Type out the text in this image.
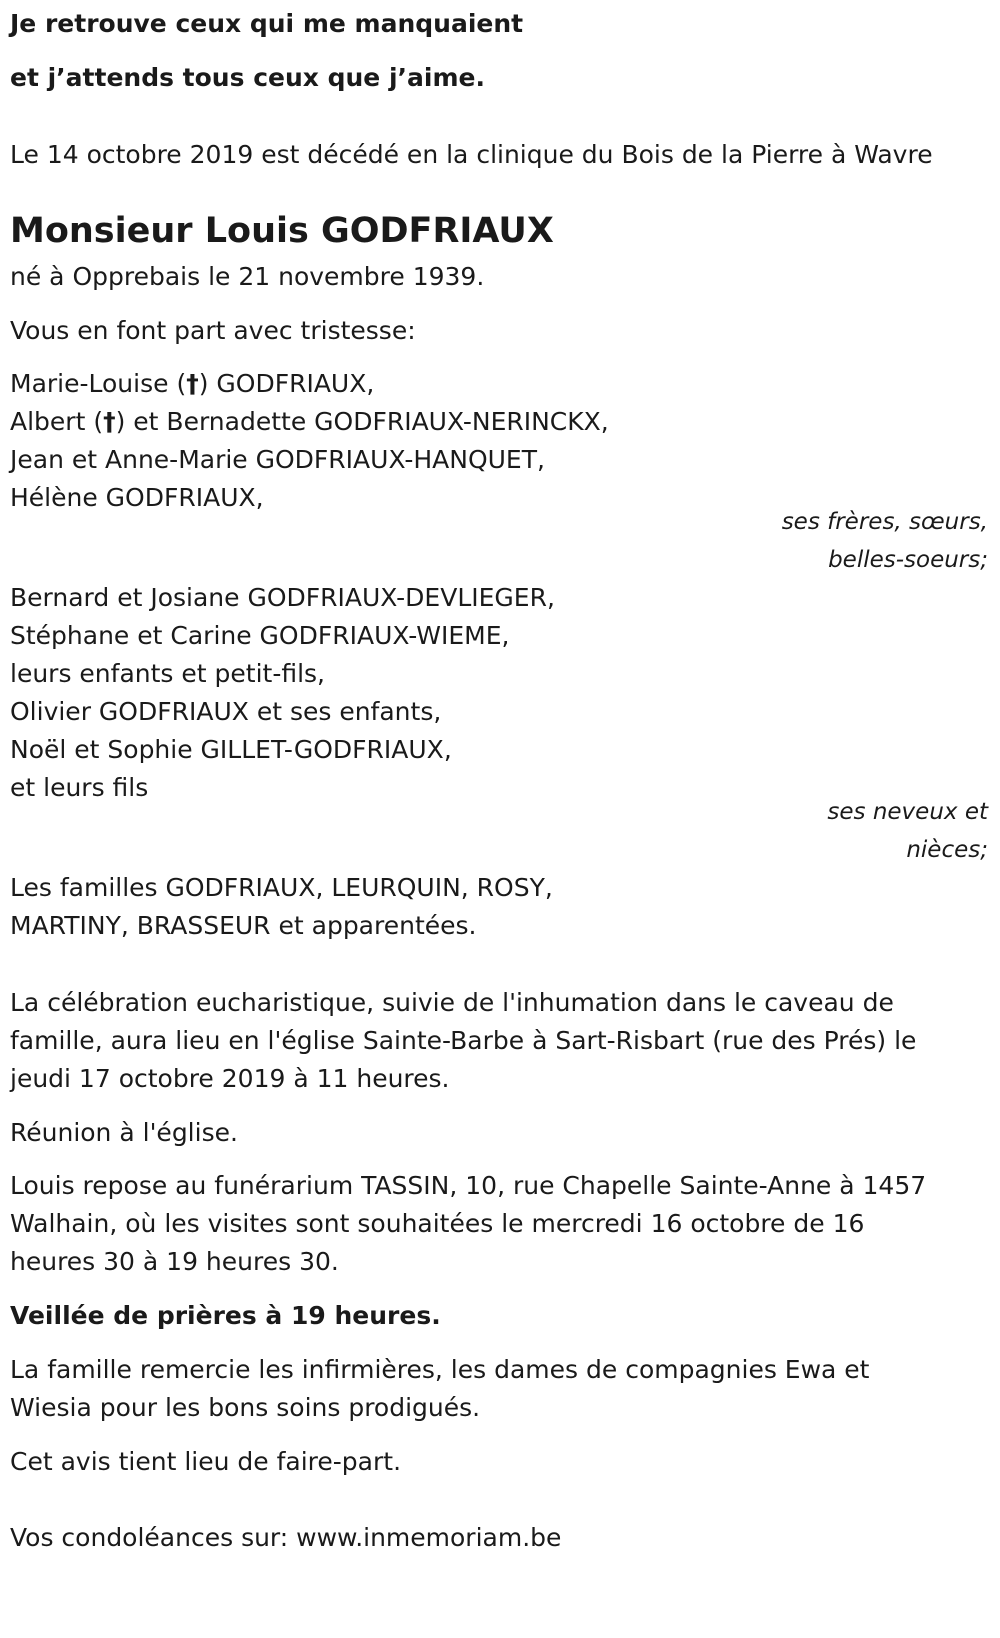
Je retrouve ceux qui me manquaient
et j’attends tous ceux que j’aime.
Le 14 octobre 2019 est décédé en la clinique du Bois de la Pierre à Wavre
Monsieur Louis GODFRIAUX
né à Opprebais le 21 novembre 1939.
Vous en font part avec tristesse:
Marie-Louise (†) GODFRIAUX,
Albert (†) et Bernadette GODFRIAUX-NERINCKX,
Jean et Anne-Marie GODFRIAUX-HANQUET,
Hélène GODFRIAUX,
ses frères, sœurs,
belles-soeurs;
Bernard et Josiane GODFRIAUX-DEVLIEGER,
Stéphane et Carine GODFRIAUX-WIEME,
leurs enfants et petit-fils,
Olivier GODFRIAUX et ses enfants,
Noël et Sophie GILLET-GODFRIAUX,
et leurs fils
ses neveux et
nièces;
Les familles GODFRIAUX, LEURQUIN, ROSY,
MARTINY, BRASSEUR et apparentées.
La célébration eucharistique, suivie de l'inhumation dans le caveau de
famille, aura lieu en l'église Sainte-Barbe à Sart-Risbart (rue des Prés) le
jeudi 17 octobre 2019 à 11 heures.
Réunion à l'église.
Louis repose au funérarium TASSIN, 10, rue Chapelle Sainte-Anne à 1457
Walhain, où les visites sont souhaitées le mercredi 16 octobre de 16
heures 30 à 19 heures 30.
Veillée de prières à 19 heures.
La famille remercie les infirmières, les dames de compagnies Ewa et
Wiesia pour les bons soins prodigués.
Cet avis tient lieu de faire-part.
Vos condoléances sur: www.inmemoriam.be
